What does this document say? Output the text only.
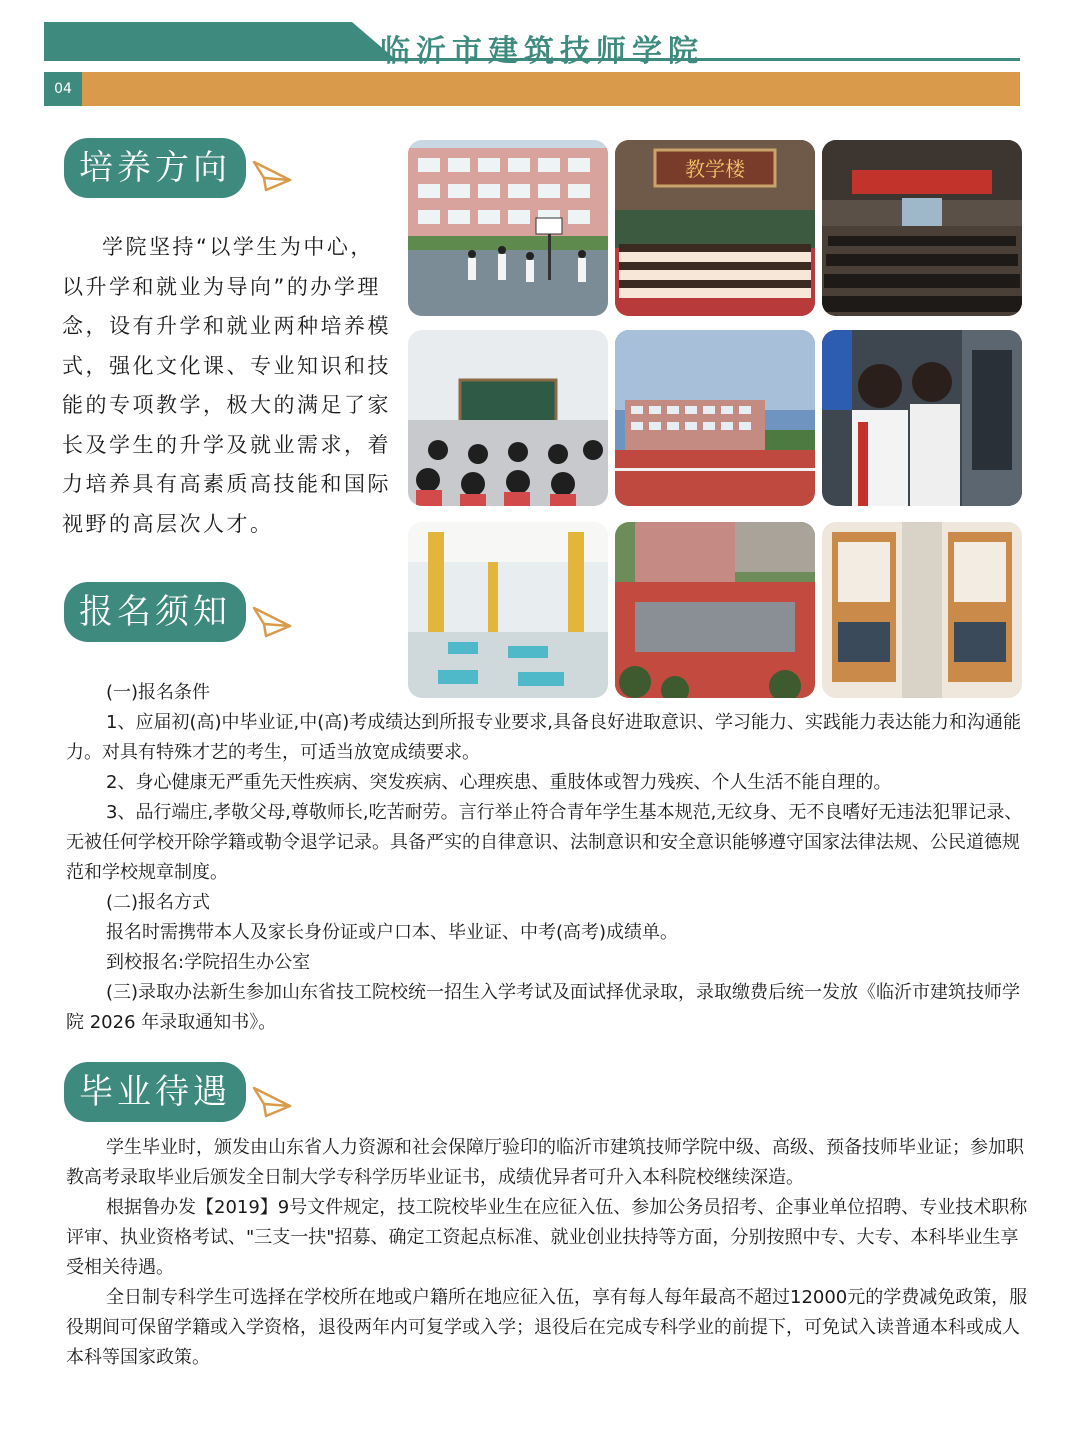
临沂市建筑技师学院
04
培养方向

学院坚持“以学生为中心，以升学和就业为导向”的办学理念，设有升学和就业两种培养模式，强化文化课、专业知识和技能的专项教学，极大的满足了家长及学生的升学及就业需求，着力培养具有高素质高技能和国际视野的高层次人才。

教学楼
报名须知

(一)报名条件

1、应届初(高)中毕业证,中(高)考成绩达到所报专业要求,具备良好进取意识、学习能力、实践能力表达能力和沟通能力。对具有特殊才艺的考生，可适当放宽成绩要求。

2、身心健康无严重先天性疾病、突发疾病、心理疾患、重肢体或智力残疾、个人生活不能自理的。

3、品行端庄,孝敬父母,尊敬师长,吃苦耐劳。言行举止符合青年学生基本规范,无纹身、无不良嗜好无违法犯罪记录、无被任何学校开除学籍或勒令退学记录。具备严实的自律意识、法制意识和安全意识能够遵守国家法律法规、公民道德规范和学校规章制度。

(二)报名方式

报名时需携带本人及家长身份证或户口本、毕业证、中考(高考)成绩单。

到校报名:学院招生办公室

(三)录取办法新生参加山东省技工院校统一招生入学考试及面试择优录取，录取缴费后统一发放《临沂市建筑技师学院 2026 年录取通知书》。

毕业待遇

学生毕业时，颁发由山东省人力资源和社会保障厅验印的临沂市建筑技师学院中级、高级、预备技师毕业证；参加职教高考录取毕业后颁发全日制大学专科学历毕业证书，成绩优异者可升入本科院校继续深造。

根据鲁办发【2019】9号文件规定，技工院校毕业生在应征入伍、参加公务员招考、企事业单位招聘、专业技术职称评审、执业资格考试、"三支一扶"招募、确定工资起点标准、就业创业扶持等方面，分别按照中专、大专、本科毕业生享受相关待遇。

全日制专科学生可选择在学校所在地或户籍所在地应征入伍，享有每人每年最高不超过12000元的学费减免政策，服役期间可保留学籍或入学资格，退役两年内可复学或入学；退役后在完成专科学业的前提下，可免试入读普通本科或成人本科等国家政策。
